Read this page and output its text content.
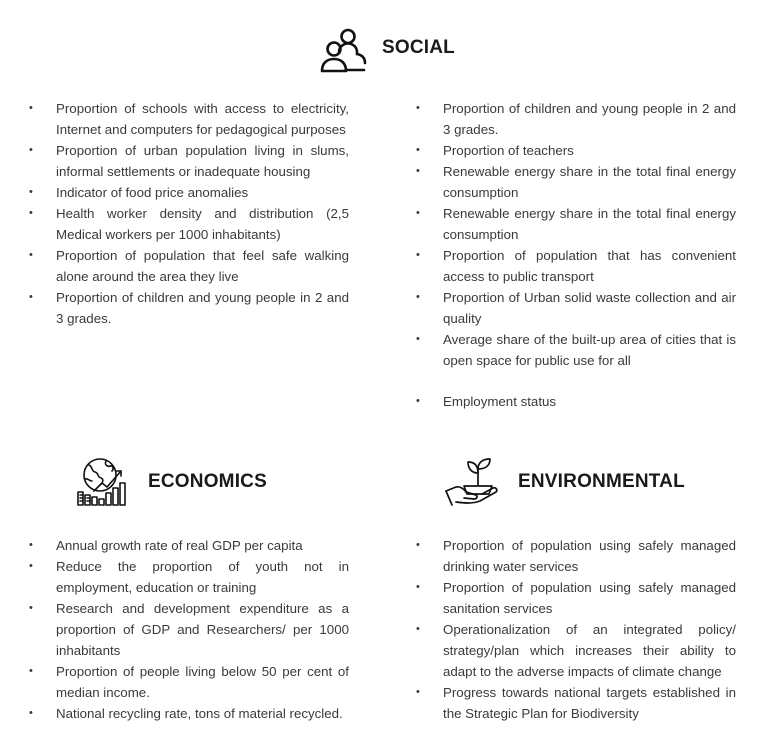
SOCIAL
• Proportion of schools with access to electricity, Internet and computers for pedagogical purposes
• Proportion of urban population living in slums, informal settlements or inadequate housing
• Indicator of food price anomalies
• Health worker density and distribution (2,5 Medical workers per 1000 inhabitants)
• Proportion of population that feel safe walking alone around the area they live
• Proportion of children and young people in 2 and 3 grades.
• Proportion of children and young people in 2 and 3 grades.
• Proportion of teachers
• Renewable energy share in the total final energy consumption
• Renewable energy share in the total final energy consumption
• Proportion of population that has convenient access to public transport
• Proportion of Urban solid waste collection and air quality
• Average share of the built-up area of cities that is open space for public use for all
• Employment status
ECONOMICS
• Annual growth rate of real GDP per capita
• Reduce the proportion of youth not in employment, education or training
• Research and development expenditure as a proportion of GDP and Researchers/ per 1000 inhabitants
• Proportion of people living below 50 per cent of median income.
• National recycling rate, tons of material recycled.
ENVIRONMENTAL
• Proportion of population using safely managed drinking water services
• Proportion of population using safely managed sanitation services
• Operationalization of an integrated policy/ strategy/plan which increases their ability to adapt to the adverse impacts of climate change
• Progress towards national targets established in the Strategic Plan for Biodiversity
